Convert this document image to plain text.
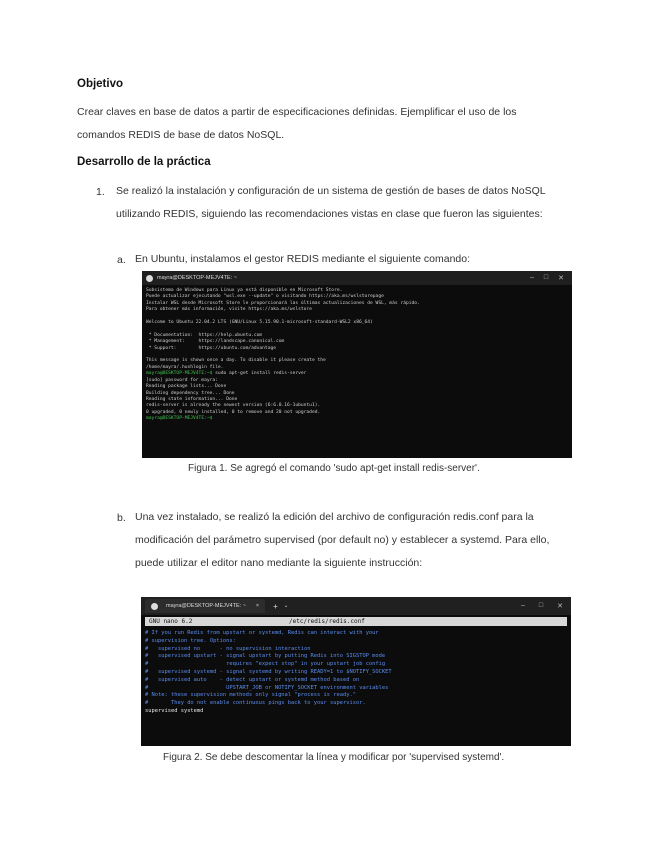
Objetivo
Crear claves en base de datos a partir de especificaciones definidas. Ejemplificar el uso de los
comandos REDIS de base de datos NoSQL.
Desarrollo de la práctica
1. Se realizó la instalación y configuración de un sistema de gestión de bases de datos NoSQL
utilizando REDIS, siguiendo las recomendaciones vistas en clase que fueron las siguientes:
a. En Ubuntu, instalamos el gestor REDIS mediante el siguiente comando:
mayra@DESKTOP-MEJV4TE: ~	– □ ✕
Subsistema de Windows para Linux ya está disponible en Microsoft Store.
Puede actualizar ejecutando "wsl.exe --update" o visitando https://aka.ms/wslstorepage
Instalar WSL desde Microsoft Store le proporcionará las últimas actualizaciones de WSL, más rápido.
Para obtener más información, visite https://aka.ms/wslstore

Welcome to Ubuntu 22.04.2 LTS (GNU/Linux 5.15.90.1-microsoft-standard-WSL2 x86_64)

* Documentation:  https://help.ubuntu.com
* Management:     https://landscape.canonical.com
* Support:        https://ubuntu.com/advantage

This message is shown once a day. To disable it please create the
/home/mayra/.hushlogin file.
mayra@DESKTOP-MEJV4TE:~$ sudo apt-get install redis-server
[sudo] password for mayra:
Reading package lists... Done
Building dependency tree... Done
Reading state information... Done
redis-server is already the newest version (6:6.0.16-1ubuntu1).
0 upgraded, 0 newly installed, 0 to remove and 20 not upgraded.
mayra@DESKTOP-MEJV4TE:~$
Figura 1. Se agregó el comando 'sudo apt-get install redis-server'.
b. Una vez instalado, se realizó la edición del archivo de configuración redis.conf para la
modificación del parámetro supervised (por default no) y establecer a systemd. Para ello,
puede utilizar el editor nano mediante la siguiente instrucción:
mayra@DESKTOP-MEJV4TE: ~ × + ⌄	– □ ✕
GNU nano 6.2	/etc/redis/redis.conf
# If you run Redis from upstart or systemd, Redis can interact with your
# supervision tree. Options:
#   supervised no      - no supervision interaction
#   supervised upstart - signal upstart by putting Redis into SIGSTOP mode
#                        requires "expect stop" in your upstart job config
#   supervised systemd - signal systemd by writing READY=1 to $NOTIFY_SOCKET
#   supervised auto    - detect upstart or systemd method based on
#                        UPSTART_JOB or NOTIFY_SOCKET environment variables
# Note: these supervision methods only signal "process is ready."
#       They do not enable continuous pings back to your supervisor.
supervised systemd
Figura 2. Se debe descomentar la línea y modificar por 'supervised systemd'.
